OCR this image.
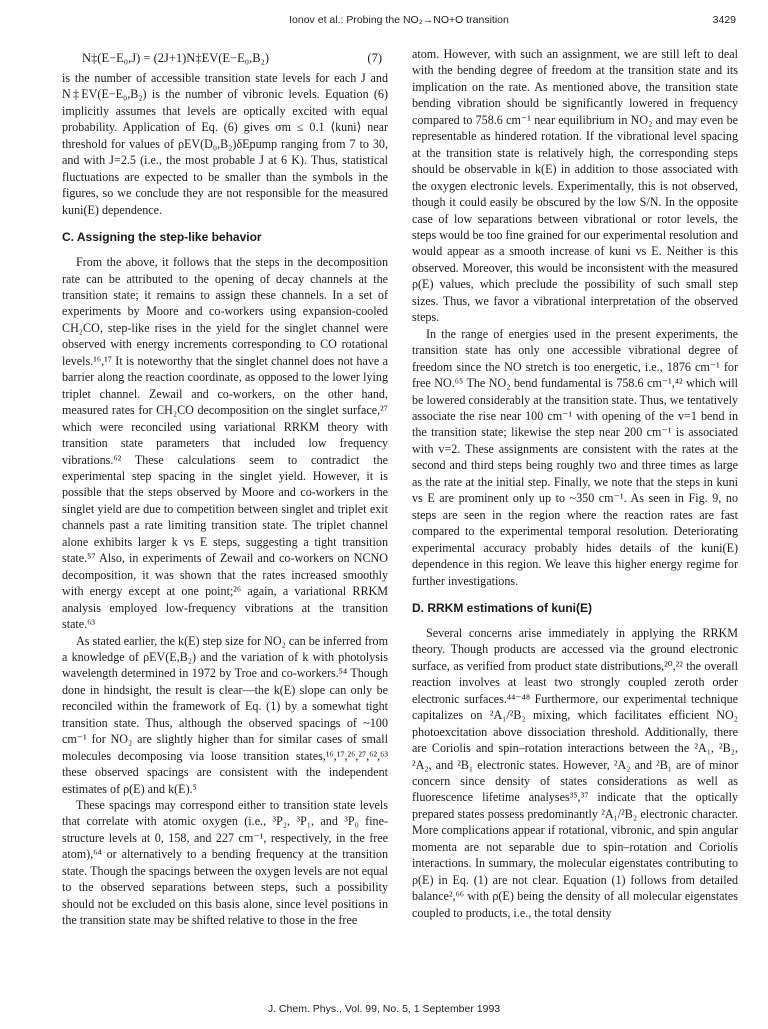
Ionov et al.: Probing the NO₂→NO+O transition	3429
N‡(E−E₀,J) = (2J+1)N‡EV(E−E₀,B₂)	(7)

is the number of accessible transition state levels for each J and N‡EV(E−E₀,B₂) is the number of vibronic levels. Equation (6) implicitly assumes that levels are optically excited with equal probability. Application of Eq. (6) gives σm ≤ 0.1 ⟨kuni⟩ near threshold for values of ρEV(D₀,B₂)δEpump ranging from 7 to 30, and with J=2.5 (i.e., the most probable J at 6 K). Thus, statistical fluctuations are expected to be smaller than the symbols in the figures, so we conclude they are not responsible for the measured kuni(E) dependence.

C. Assigning the step-like behavior

From the above, it follows that the steps in the decomposition rate can be attributed to the opening of decay channels at the transition state; it remains to assign these channels. In a set of experiments by Moore and co-workers using expansion-cooled CH₂CO, step-like rises in the yield for the singlet channel were observed with energy increments corresponding to CO rotational levels.¹⁶,¹⁷ It is noteworthy that the singlet channel does not have a barrier along the reaction coordinate, as opposed to the lower lying triplet channel. Zewail and co-workers, on the other hand, measured rates for CH₂CO decomposition on the singlet surface,²⁷ which were reconciled using variational RRKM theory with transition state parameters that included low frequency vibrations.⁶² These calculations seem to contradict the experimental step spacing in the singlet yield. However, it is possible that the steps observed by Moore and co-workers in the singlet yield are due to competition between singlet and triplet exit channels past a rate limiting transition state. The triplet channel alone exhibits larger k vs E steps, suggesting a tight transition state.⁵⁷ Also, in experiments of Zewail and co-workers on NCNO decomposition, it was shown that the rates increased smoothly with energy except at one point;²⁶ again, a variational RRKM analysis employed low-frequency vibrations at the transition state.⁶³

As stated earlier, the k(E) step size for NO₂ can be inferred from a knowledge of ρEV(E,B₂) and the variation of k with photolysis wavelength determined in 1972 by Troe and co-workers.⁵⁴ Though done in hindsight, the result is clear—the k(E) slope can only be reconciled within the framework of Eq. (1) by a somewhat tight transition state. Thus, although the observed spacings of ~100 cm⁻¹ for NO₂ are slightly higher than for similar cases of small molecules decomposing via loose transition states,¹⁶,¹⁷,²⁶,²⁷,⁶²,⁶³ these observed spacings are consistent with the independent estimates of ρ(E) and k(E).⁵

These spacings may correspond either to transition state levels that correlate with atomic oxygen (i.e., ³P₂, ³P₁, and ³P₀ fine-structure levels at 0, 158, and 227 cm⁻¹, respectively, in the free atom),⁶⁴ or alternatively to a bending frequency at the transition state. Though the spacings between the oxygen levels are not equal to the observed separations between steps, such a possibility should not be excluded on this basis alone, since level positions in the transition state may be shifted relative to those in the free

atom. However, with such an assignment, we are still left to deal with the bending degree of freedom at the transition state and its implication on the rate. As mentioned above, the transition state bending vibration should be significantly lowered in frequency compared to 758.6 cm⁻¹ near equilibrium in NO₂ and may even be representable as hindered rotation. If the vibrational level spacing at the transition state is relatively high, the corresponding steps should be observable in k(E) in addition to those associated with the oxygen electronic levels. Experimentally, this is not observed, though it could easily be obscured by the low S/N. In the opposite case of low separations between vibrational or rotor levels, the steps would be too fine grained for our experimental resolution and would appear as a smooth increase of kuni vs E. Neither is this observed. Moreover, this would be inconsistent with the measured ρ(E) values, which preclude the possibility of such small step sizes. Thus, we favor a vibrational interpretation of the observed steps.

In the range of energies used in the present experiments, the transition state has only one accessible vibrational degree of freedom since the NO stretch is too energetic, i.e., 1876 cm⁻¹ for free NO.⁶⁵ The NO₂ bend fundamental is 758.6 cm⁻¹,⁴² which will be lowered considerably at the transition state. Thus, we tentatively associate the rise near 100 cm⁻¹ with opening of the v=1 bend in the transition state; likewise the step near 200 cm⁻¹ is associated with v=2. These assignments are consistent with the rates at the second and third steps being roughly two and three times as large as the rate at the initial step. Finally, we note that the steps in kuni vs E are prominent only up to ~350 cm⁻¹. As seen in Fig. 9, no steps are seen in the region where the reaction rates are fast compared to the experimental temporal resolution. Deteriorating experimental accuracy probably hides details of the kuni(E) dependence in this region. We leave this higher energy regime for further investigations.

D. RRKM estimations of kuni(E)

Several concerns arise immediately in applying the RRKM theory. Though products are accessed via the ground electronic surface, as verified from product state distributions,²⁰,²² the overall reaction involves at least two strongly coupled zeroth order electronic surfaces.⁴⁴⁻⁴⁸ Furthermore, our experimental technique capitalizes on ²A₁/²B₂ mixing, which facilitates efficient NO₂ photoexcitation above dissociation threshold. Additionally, there are Coriolis and spin–rotation interactions between the ²A₁, ²B₂, ²A₂, and ²B₁ electronic states. However, ²A₂ and ²B₁ are of minor concern since density of states considerations as well as fluorescence lifetime analyses³⁵,³⁷ indicate that the optically prepared states possess predominantly ²A₁/²B₂ electronic character. More complications appear if rotational, vibronic, and spin angular momenta are not separable due to spin–rotation and Coriolis interactions. In summary, the molecular eigenstates contributing to ρ(E) in Eq. (1) are not clear. Equation (1) follows from detailed balance²,⁶⁶ with ρ(E) being the density of all molecular eigenstates coupled to products, i.e., the total density

J. Chem. Phys., Vol. 99, No. 5, 1 September 1993
